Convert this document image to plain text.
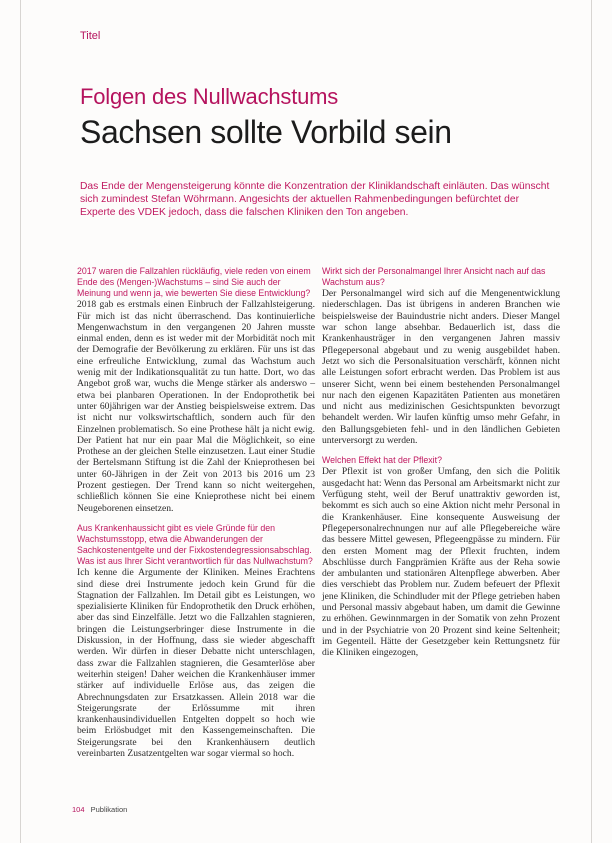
Titel
Folgen des Nullwachstums
Sachsen sollte Vorbild sein
Das Ende der Mengensteigerung könnte die Konzentration der Kliniklandschaft einläuten. Das wünscht sich zumindest Stefan Wöhrmann. Angesichts der aktuellen Rahmenbedingungen befürchtet der Experte des VDEK jedoch, dass die falschen Kliniken den Ton angeben.

2017 waren die Fallzahlen rückläufig, viele reden von einem Ende des (Mengen-)Wachstums – sind Sie auch der Meinung und wenn ja, wie bewerten Sie diese Entwicklung?

2018 gab es erstmals einen Einbruch der Fallzahlsteigerung. Für mich ist das nicht überraschend. Das kontinuierliche Mengenwachstum in den vergangenen 20 Jahren musste einmal enden, denn es ist weder mit der Morbidität noch mit der Demografie der Bevölkerung zu erklären. Für uns ist das eine erfreuliche Entwicklung, zumal das Wachstum auch wenig mit der Indikationsqualität zu tun hatte. Dort, wo das Angebot groß war, wuchs die Menge stärker als anderswo – etwa bei planbaren Operationen. In der Endoprothetik bei unter 60jährigen war der Anstieg beispielsweise extrem. Das ist nicht nur volkswirtschaftlich, sondern auch für den Einzelnen problematisch. So eine Prothese hält ja nicht ewig. Der Patient hat nur ein paar Mal die Möglichkeit, so eine Prothese an der gleichen Stelle einzusetzen. Laut einer Studie der Bertelsmann Stiftung ist die Zahl der Knieprothesen bei unter 60-Jährigen in der Zeit von 2013 bis 2016 um 23 Prozent gestiegen. Der Trend kann so nicht weitergehen, schließlich können Sie eine Knieprothese nicht bei einem Neugeborenen einsetzen.

Aus Krankenhaussicht gibt es viele Gründe für den Wachstumsstopp, etwa die Abwanderungen der Sachkostenentgelte und der Fixkostendegressionsabschlag. Was ist aus Ihrer Sicht verantwortlich für das Nullwachstum?

Ich kenne die Argumente der Kliniken. Meines Erachtens sind diese drei Instrumente jedoch kein Grund für die Stagnation der Fallzahlen. Im Detail gibt es Leistungen, wo spezialisierte Kliniken für Endoprothetik den Druck erhöhen, aber das sind Einzelfälle. Jetzt wo die Fallzahlen stagnieren, bringen die Leistungserbringer diese Instrumente in die Diskussion, in der Hoffnung, dass sie wieder abgeschafft werden. Wir dürfen in dieser Debatte nicht unterschlagen, dass zwar die Fallzahlen stagnieren, die Gesamterlöse aber weiterhin steigen! Daher weichen die Krankenhäuser immer stärker auf individuelle Erlöse aus, das zeigen die Abrechnungsdaten zur Ersatzkassen. Allein 2018 war die Steigerungsrate der Erlössumme mit ihren krankenhausindividuellen Entgelten doppelt so hoch wie beim Erlösbudget mit den Kassengemeinschaften. Die Steigerungsrate bei den Krankenhäusern deutlich vereinbarten Zusatzentgelten war sogar viermal so hoch.

Wirkt sich der Personalmangel Ihrer Ansicht nach auf das Wachstum aus?

Der Personalmangel wird sich auf die Mengenentwicklung niederschlagen. Das ist übrigens in anderen Branchen wie beispielsweise der Bauindustrie nicht anders. Dieser Mangel war schon lange absehbar. Bedauerlich ist, dass die Krankenhausträger in den vergangenen Jahren massiv Pflegepersonal abgebaut und zu wenig ausgebildet haben. Jetzt wo sich die Personalsituation verschärft, können nicht alle Leistungen sofort erbracht werden. Das Problem ist aus unserer Sicht, wenn bei einem bestehenden Personalmangel nur nach den eigenen Kapazitäten Patienten aus monetären und nicht aus medizinischen Gesichtspunkten bevorzugt behandelt werden. Wir laufen künftig umso mehr Gefahr, in den Ballungsgebieten fehl- und in den ländlichen Gebieten unterversorgt zu werden.

Welchen Effekt hat der Pflexit?

Der Pflexit ist von großer Umfang, den sich die Politik ausgedacht hat: Wenn das Personal am Arbeitsmarkt nicht zur Verfügung steht, weil der Beruf unattraktiv geworden ist, bekommt es sich auch so eine Aktion nicht mehr Personal in die Krankenhäuser. Eine konsequente Ausweisung der Pflegepersonalrechnungen nur auf alle Pflegebereiche wäre das bessere Mittel gewesen, Pflegeengpässe zu mindern. Für den ersten Moment mag der Pflexit fruchten, indem Abschlüsse durch Fangprämien Kräfte aus der Reha sowie der ambulanten und stationären Altenpflege abwerben. Aber dies verschiebt das Problem nur. Zudem befeuert der Pflexit jene Kliniken, die Schindluder mit der Pflege getrieben haben und Personal massiv abgebaut haben, um damit die Gewinne zu erhöhen. Gewinnmargen in der Somatik von zehn Prozent und in der Psychiatrie von 20 Prozent sind keine Seltenheit; im Gegenteil. Hätte der Gesetzgeber kein Rettungsnetz für die Kliniken eingezogen,

104 Publikation
